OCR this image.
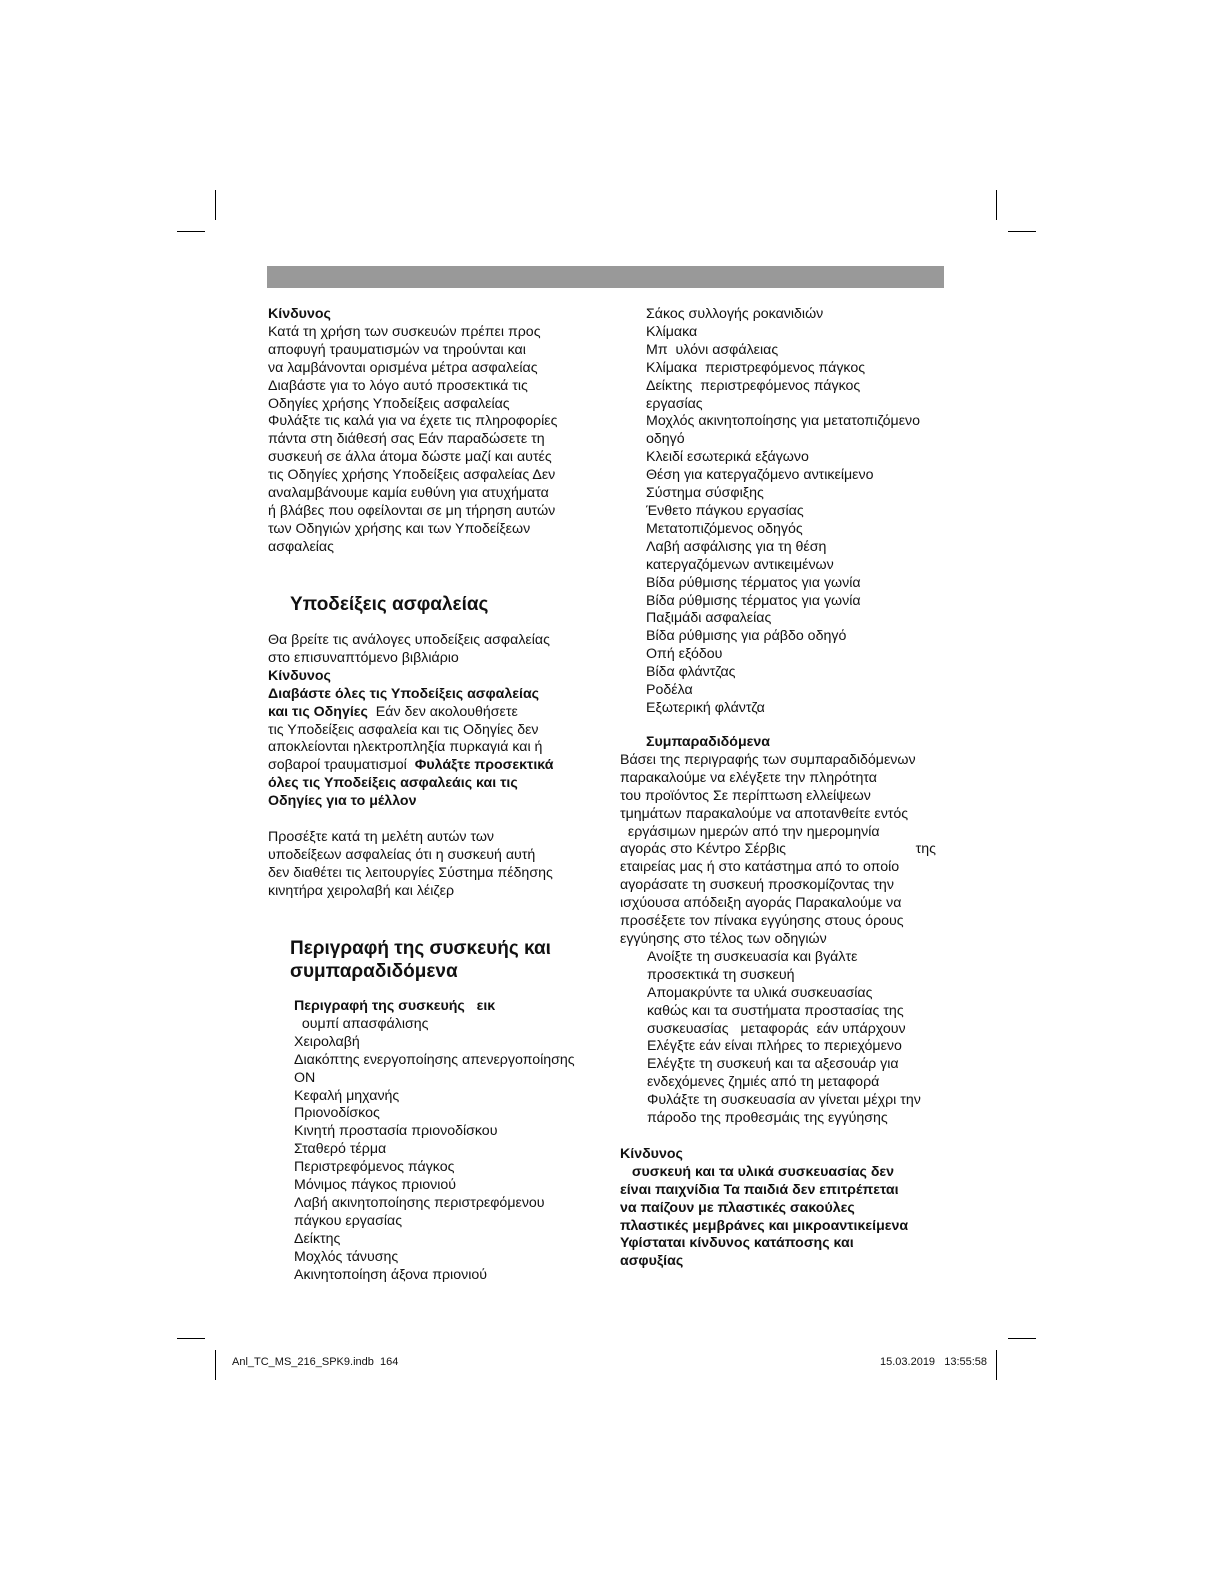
Κίνδυνος
Κατά τη χρήση των συσκευών πρέπει προς
αποφυγή τραυματισμών να τηρούνται και
να λαμβάνονται ορισμένα μέτρα ασφαλείας
Διαβάστε για το λόγο αυτό προσεκτικά τις
Οδηγίες χρήσης Υποδείξεις ασφαλείας
Φυλάξτε τις καλά για να έχετε τις πληροφορίες
πάντα στη διάθεσή σας Εάν παραδώσετε τη
συσκευή σε άλλα άτομα δώστε μαζί και αυτές
τις Οδηγίες χρήσης Υποδείξεις ασφαλείας Δεν
αναλαμβάνουμε καμία ευθύνη για ατυχήματα
ή βλάβες που οφείλονται σε μη τήρηση αυτών
των Οδηγιών χρήσης και των Υποδείξεων
ασφαλείας
Υποδείξεις ασφαλείας
Θα βρείτε τις ανάλογες υποδείξεις ασφαλείας
στο επισυναπτόμενο βιβλιάριο
Κίνδυνος
Διαβάστε όλες τις Υποδείξεις ασφαλείας
και τις Οδηγίες  Εάν δεν ακολουθήσετε
τις Υποδείξεις ασφαλεία και τις Οδηγίες δεν
αποκλείονται ηλεκτροπληξία πυρκαγιά και ή
σοβαροί τραυματισμοί  Φυλάξτε προσεκτικά
όλες τις Υποδείξεις ασφαλεάις και τις
Οδηγίες για το μέλλον
Προσέξτε κατά τη μελέτη αυτών των
υποδείξεων ασφαλείας ότι η συσκευή αυτή
δεν διαθέτει τις λειτουργίες Σύστημα πέδησης
κινητήρα χειρολαβή και λέιζερ
Περιγραφή της συσκευής και
συμπαραδιδόμενα
Περιγραφή της συσκευής   εικ
ουμπί απασφάλισης
Χειρολαβή
Διακόπτης ενεργοποίησης απενεργοποίησης
ON
Κεφαλή μηχανής
Πριονοδίσκος
Κινητή προστασία πριονοδίσκου
Σταθερό τέρμα
Περιστρεφόμενος πάγκος
Μόνιμος πάγκος πριονιού
Λαβή ακινητοποίησης περιστρεφόμενου
πάγκου εργασίας
Δείκτης
Μοχλός τάνυσης
Ακινητοποίηση άξονα πριονιού
Σάκος συλλογής ροκανιδιών
Κλίμακα
Μπ  υλόνι ασφάλειας
Κλίμακα  περιστρεφόμενος πάγκος
Δείκτης  περιστρεφόμενος πάγκος
εργασίας
Μοχλός ακινητοποίησης για μετατοπιζόμενο
οδηγό
Κλειδί εσωτερικά εξάγωνο
Θέση για κατεργαζόμενο αντικείμενο
Σύστημα σύσφιξης
Ένθετο πάγκου εργασίας
Μετατοπιζόμενος οδηγός
Λαβή ασφάλισης για τη θέση
κατεργαζόμενων αντικειμένων
Βίδα ρύθμισης τέρματος για γωνία
Βίδα ρύθμισης τέρματος για γωνία
Παξιμάδι ασφαλείας
Βίδα ρύθμισης για ράβδο οδηγό
Οπή εξόδου
Βίδα φλάντζας
Ροδέλα
Εξωτερική φλάντζα
Συμπαραδιδόμενα
Βάσει της περιγραφής των συμπαραδιδόμενων
παρακαλούμε να ελέγξετε την πληρότητα
του προϊόντος Σε περίπτωση ελλείψεων
τμημάτων παρακαλούμε να αποτανθείτε εντός
εργάσιμων ημερών από την ημερομηνία
αγοράς στο Κέντρο Σέρβις	της
εταιρείας μας ή στο κατάστημα από το οποίο
αγοράσατε τη συσκευή προσκομίζοντας την
ισχύουσα απόδειξη αγοράς Παρακαλούμε να
προσέξετε τον πίνακα εγγύησης στους όρους
εγγύησης στο τέλος των οδηγιών
Ανοίξτε τη συσκευασία και βγάλτε
προσεκτικά τη συσκευή
Απομακρύντε τα υλικά συσκευασίας
καθώς και τα συστήματα προστασίας της
συσκευασίας   μεταφοράς  εάν υπάρχουν
Ελέγξτε εάν είναι πλήρες το περιεχόμενο
Ελέγξτε τη συσκευή και τα αξεσουάρ για
ενδεχόμενες ζημιές από τη μεταφορά
Φυλάξτε τη συσκευασία αν γίνεται μέχρι την
πάροδο της προθεσμάις της εγγύησης
Κίνδυνος
συσκευή και τα υλικά συσκευασίας δεν
είναι παιχνίδια Τα παιδιά δεν επιτρέπεται
να παίζουν με πλαστικές σακούλες
πλαστικές μεμβράνες και μικροαντικείμενα
Υφίσταται κίνδυνος κατάποσης και
ασφυξίας
Anl_TC_MS_216_SPK9.indb  164	15.03.2019   13:55:58
